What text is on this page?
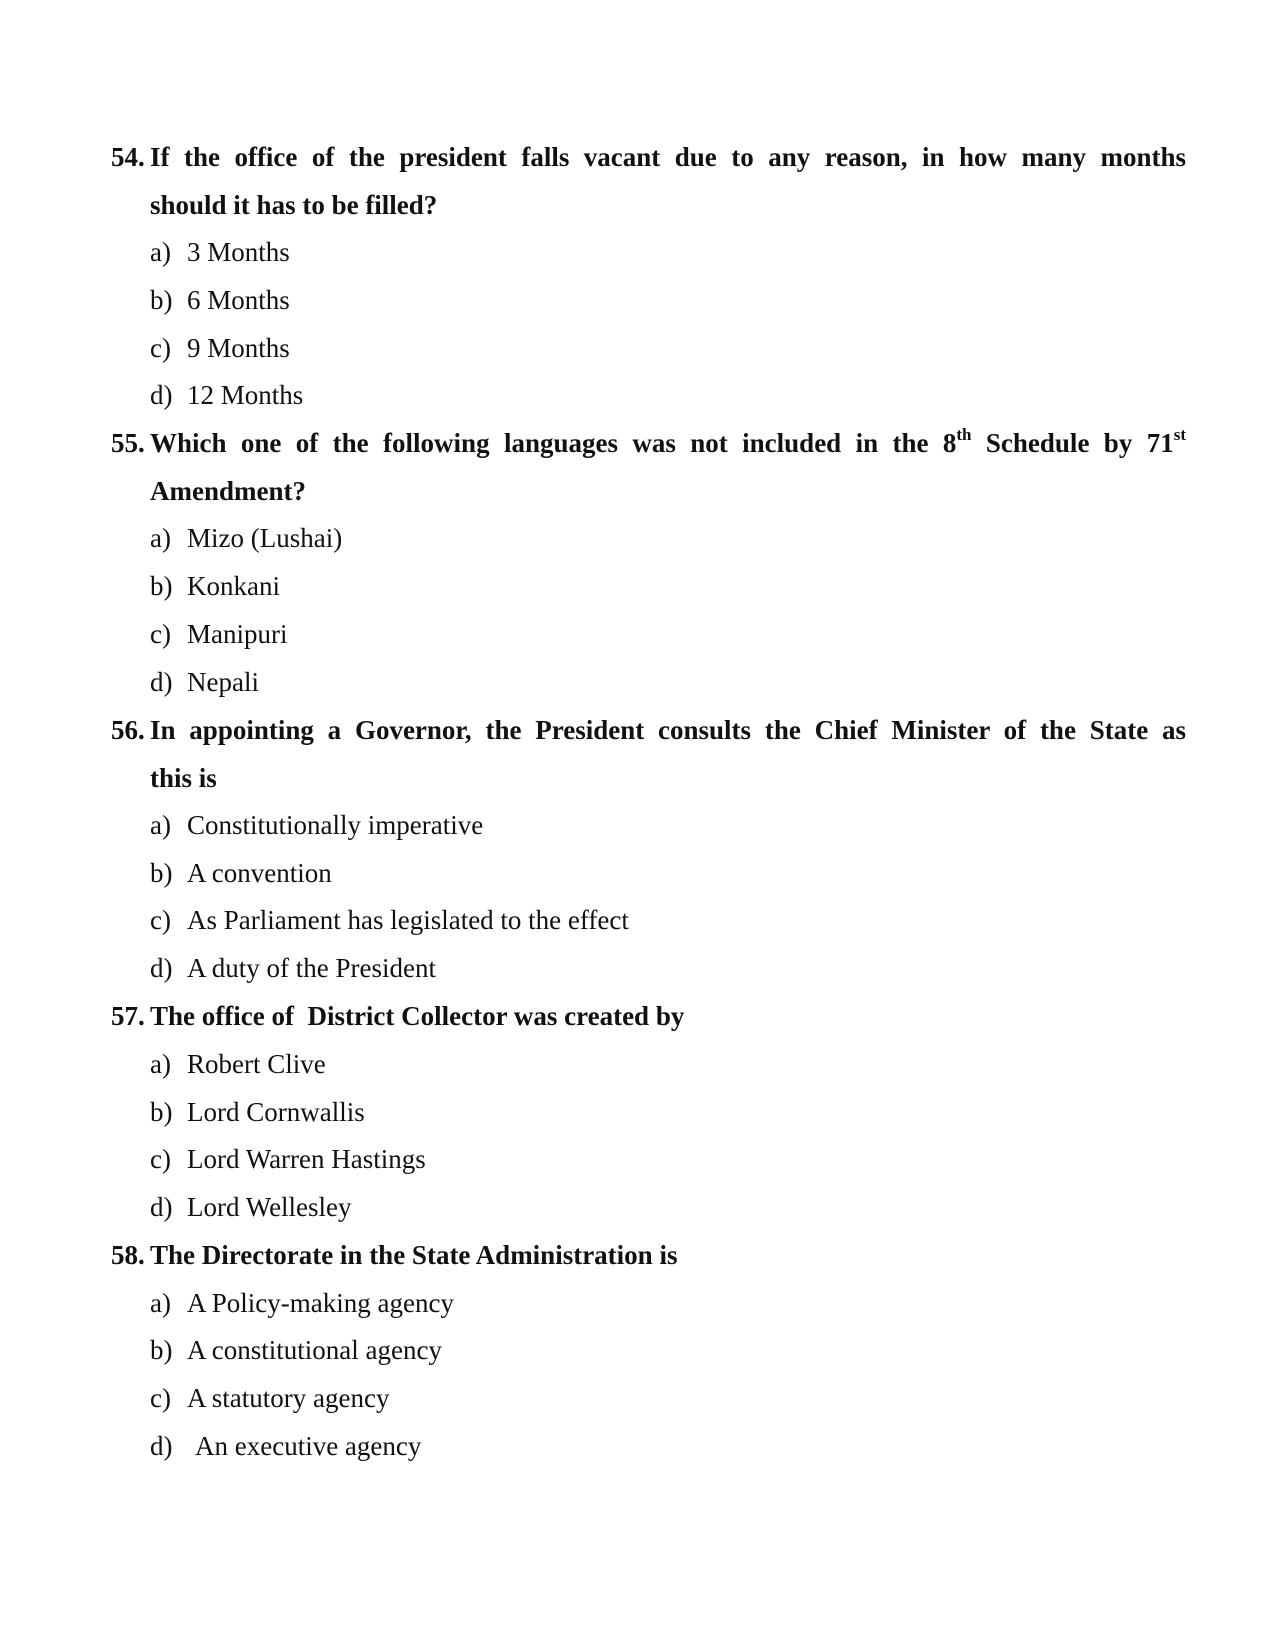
54. If the office of the president falls vacant due to any reason, in how many months
should it has to be filled?
a) 3 Months
b) 6 Months
c) 9 Months
d) 12 Months
55. Which one of the following languages was not included in the 8th Schedule by 71st
Amendment?
a) Mizo (Lushai)
b) Konkani
c) Manipuri
d) Nepali
56. In appointing a Governor, the President consults the Chief Minister of the State as
this is
a) Constitutionally imperative
b) A convention
c) As Parliament has legislated to the effect
d) A duty of the President
57. The office of  District Collector was created by
a) Robert Clive
b) Lord Cornwallis
c) Lord Warren Hastings
d) Lord Wellesley
58. The Directorate in the State Administration is
a) A Policy-making agency
b) A constitutional agency
c) A statutory agency
d) An executive agency
